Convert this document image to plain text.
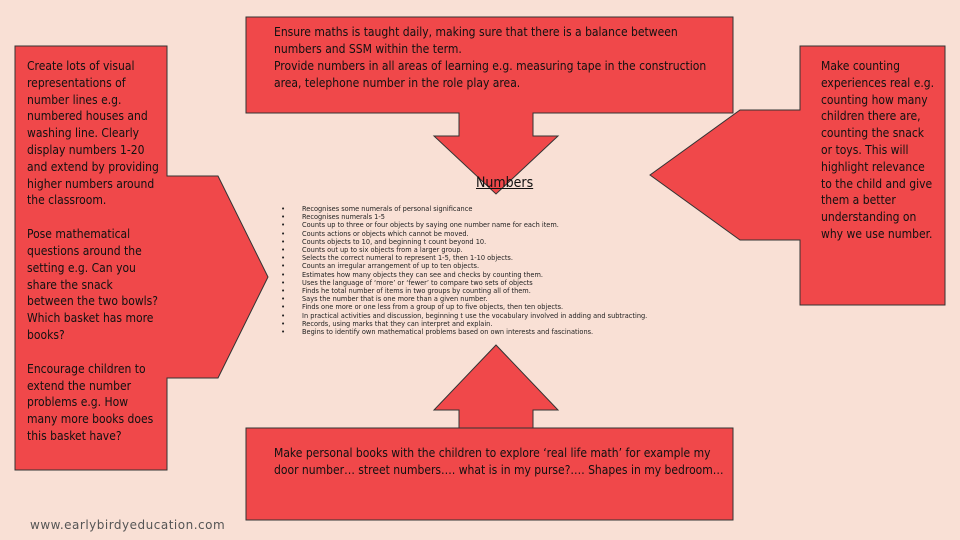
Create lots of visual representations of number lines e.g. numbered houses and washing line. Clearly display numbers 1-20 and extend by providing higher numbers around the classroom.

Pose mathematical questions around the setting e.g. Can you share the snack between the two bowls? Which basket has more books?

Encourage children to extend the number problems e.g. How many more books does this basket have?

Ensure maths is taught daily, making sure that there is a balance between numbers and SSM within the term.

Provide numbers in all areas of learning e.g. measuring tape in the construction area, telephone number in the role play area.

Make counting experiences real e.g. counting how many children there are, counting the snack or toys. This will highlight relevance to the child and give them a better understanding on why we use number.

Make personal books with the children to explore ‘real life math’ for example my door number… street numbers…. what is in my purse?…. Shapes in my bedroom…

Numbers
• Recognises some numerals of personal significance
• Recognises numerals 1-5
• Counts up to three or four objects by saying one number name for each item.
• Counts actions or objects which cannot be moved.
• Counts objects to 10, and beginning t count beyond 10.
• Counts out up to six objects from a larger group.
• Selects the correct numeral to represent 1-5, then 1-10 objects.
• Counts an irregular arrangement of up to ten objects.
• Estimates how many objects they can see and checks by counting them.
• Uses the language of ‘more’ or ‘fewer’ to compare two sets of objects
• Finds he total number of items in two groups by counting all of them.
• Says the number that is one more than a given number.
• Finds one more or one less from a group of up to five objects, then ten objects.
• In practical activities and discussion, beginning t use the vocabulary involved in adding and subtracting.
• Records, using marks that they can interpret and explain.
• Begins to identify own mathematical problems based on own interests and fascinations.
www.earlybirdyeducation.com
